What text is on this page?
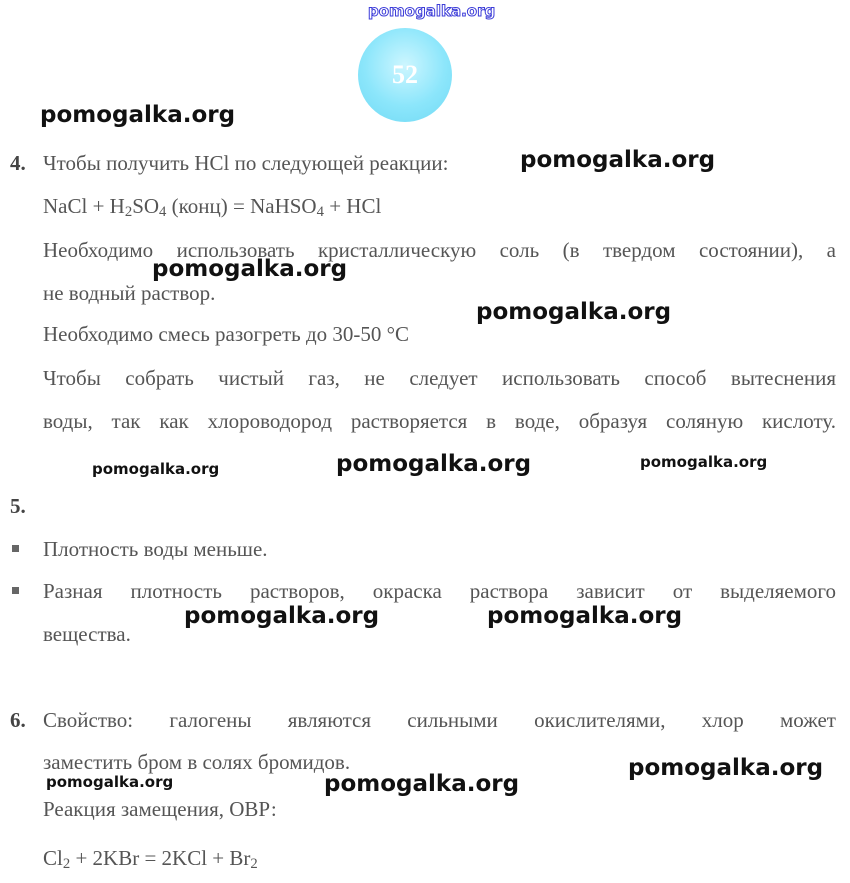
pomogalka.org
52
4. Чтобы получить HCl по следующей реакции:
NaCl + $H_2SO_4$ (конц) = NaHSO$_4$ + HCl
Необходимо использовать кристаллическую соль (в твердом состоянии), а
не водный раствор.
Необходимо смесь разогреть до 30-50 °С
Чтобы собрать чистый газ, не следует использовать способ вытеснения
воды, так как хлороводород растворяется в воде, образуя соляную кислоту.
5.
Плотность воды меньше.
Разная плотность растворов, окраска раствора зависит от выделяемого
вещества.
6. Свойство: галогены являются сильными окислителями, хлор может
заместить бром в солях бромидов.
Реакция замещения, ОВР:
$Cl_2 + 2KBr = 2KCl + Br_2$
pomogalka.org
pomogalka.org
pomogalka.org
pomogalka.org
pomogalka.org	pomogalka.org	pomogalka.org
pomogalka.org	pomogalka.org
pomogalka.org	pomogalka.org
pomogalka.org
